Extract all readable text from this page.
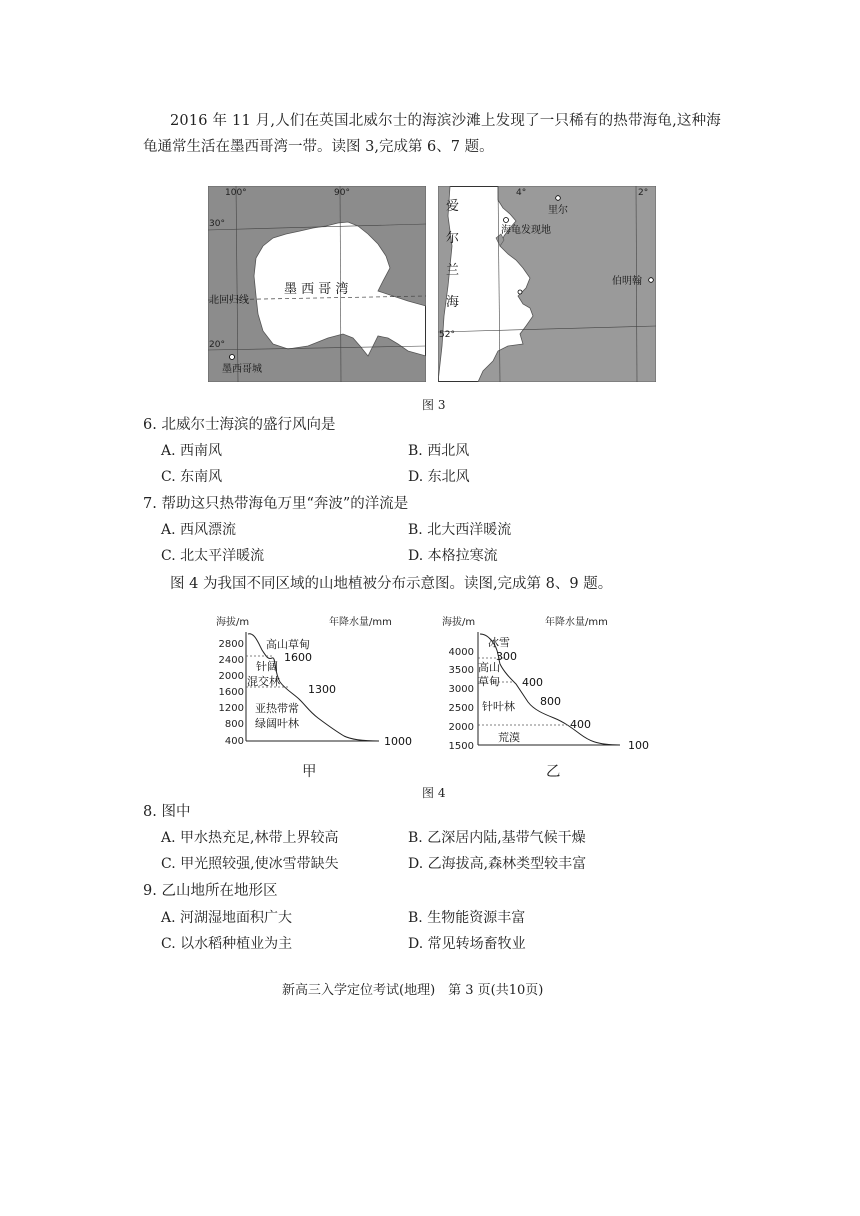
2016 年 11 月,人们在英国北威尔士的海滨沙滩上发现了一只稀有的热带海龟,这种海
龟通常生活在墨西哥湾一带。读图 3,完成第 6、7 题。
100°	90°
30°
20°
墨 西 哥 湾
北回归线
墨西哥城
4°	2°
52°
爱
尔
兰
海
海龟发现地
里尔
伯明翰
图 3
6. 北威尔士海滨的盛行风向是
A. 西南风	B. 西北风
C. 东南风	D. 东北风
7. 帮助这只热带海龟万里“奔波”的洋流是
A. 西风漂流	B. 北大西洋暖流
C. 北太平洋暖流	D. 本格拉寒流
图 4 为我国不同区域的山地植被分布示意图。读图,完成第 8、9 题。
海拔/m	年降水量/mm
2800
2400
2000
1600
1200
800
400
高山草甸
针阔
混交林
亚热带常
绿阔叶林
1600
1300
1000
海拔/m	年降水量/mm
4000
3500
3000
2500
2000
1500
冰雪
高山
草甸
针叶林
荒漠
300
400
800
400
100
甲	乙
图 4
8. 图中
A. 甲水热充足,林带上界较高	B. 乙深居内陆,基带气候干燥
C. 甲光照较强,使冰雪带缺失	D. 乙海拔高,森林类型较丰富
9. 乙山地所在地形区
A. 河湖湿地面积广大	B. 生物能资源丰富
C. 以水稻种植业为主	D. 常见转场畜牧业
新高三入学定位考试(地理)　第 3 页(共10页)
